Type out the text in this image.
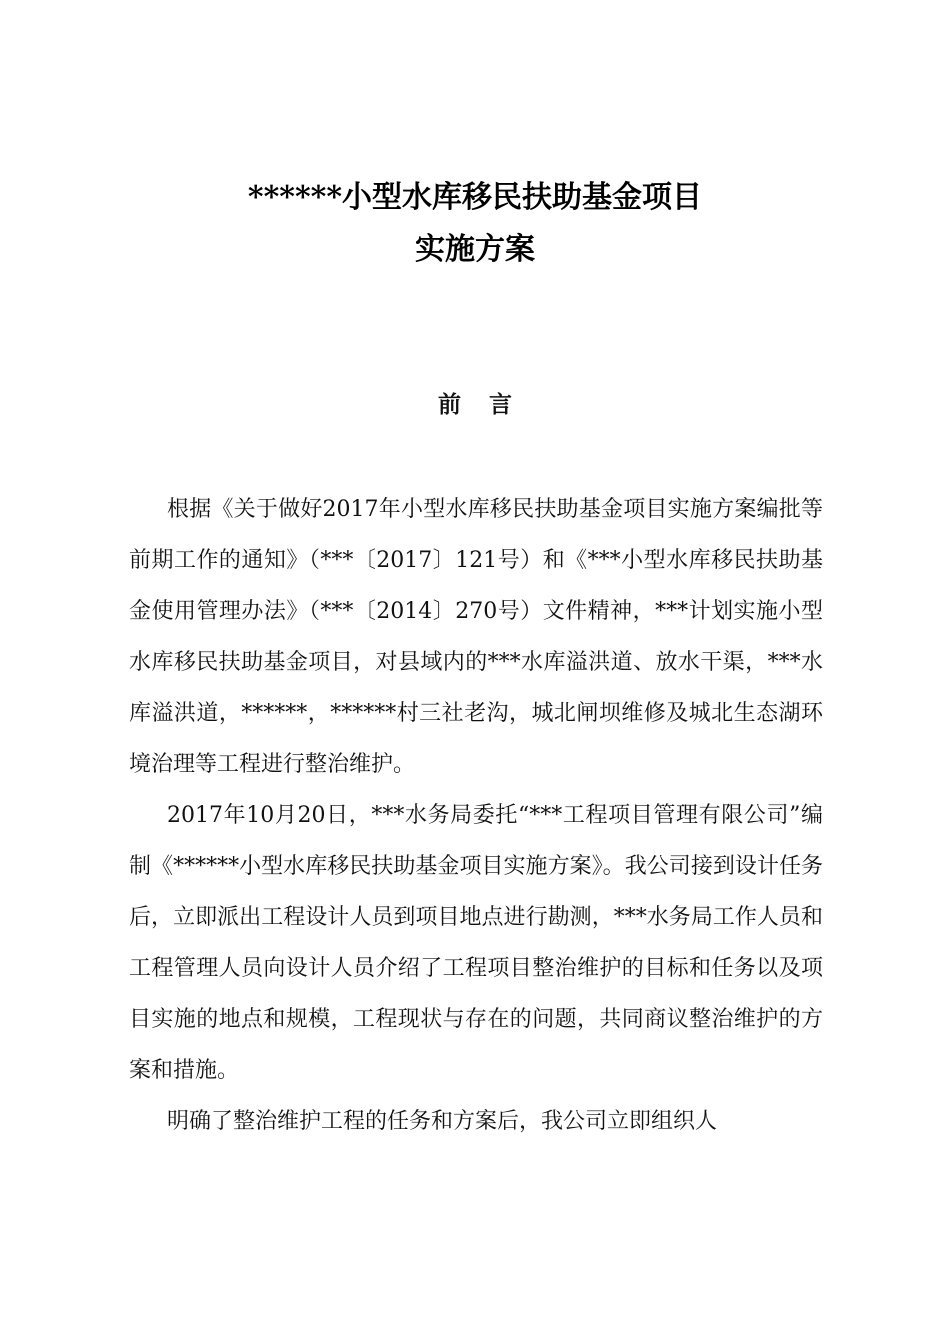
******小型水库移民扶助基金项目
实施方案
前言

根据《关于做好2017年小型水库移民扶助基金项目实施方案编批等前期工作的通知》（***〔2017〕121号）和《***小型水库移民扶助基金使用管理办法》（***〔2014〕270号）文件精神，***计划实施小型水库移民扶助基金项目，对县域内的***水库溢洪道、放水干渠，***水库溢洪道，******，******村三社老沟，城北闸坝维修及城北生态湖环境治理等工程进行整治维护。

2017年10月20日，***水务局委托“***工程项目管理有限公司”编制《******小型水库移民扶助基金项目实施方案》。我公司接到设计任务后，立即派出工程设计人员到项目地点进行勘测，***水务局工作人员和工程管理人员向设计人员介绍了工程项目整治维护的目标和任务以及项目实施的地点和规模，工程现状与存在的问题，共同商议整治维护的方案和措施。

明确了整治维护工程的任务和方案后，我公司立即组织人
